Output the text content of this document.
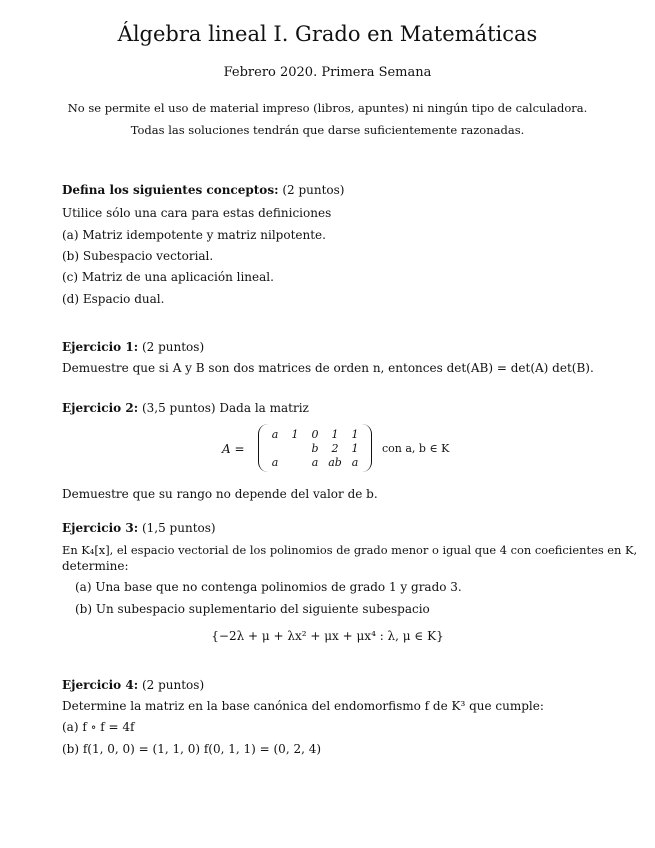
Álgebra lineal I. Grado en Matemáticas
Febrero 2020. Primera Semana
No se permite el uso de material impreso (libros, apuntes) ni ningún tipo de calculadora.
Todas las soluciones tendrán que darse suficientemente razonadas.
Defina los siguientes conceptos: (2 puntos)
Utilice sólo una cara para estas definiciones
(a) Matriz idempotente y matriz nilpotente.
(b) Subespacio vectorial.
(c) Matriz de una aplicación lineal.
(d) Espacio dual.
Ejercicio 1: (2 puntos)
Demuestre que si A y B son dos matrices de orden n, entonces det(AB) = det(A) det(B).
Ejercicio 2: (3,5 puntos) Dada la matriz
A =
a	1	0	1	1
		b	2	1
a		a	ab	a
con a, b ∈ K
Demuestre que su rango no depende del valor de b.
Ejercicio 3: (1,5 puntos)
En K₄[x], el espacio vectorial de los polinomios de grado menor o igual que 4 con coeficientes en K,
determine:
(a) Una base que no contenga polinomios de grado 1 y grado 3.
(b) Un subespacio suplementario del siguiente subespacio
{−2λ + μ + λx² + μx + μx⁴ : λ, μ ∈ K}
Ejercicio 4: (2 puntos)
Determine la matriz en la base canónica del endomorfismo f de K³ que cumple:
(a) f ∘ f = 4f
(b) f(1, 0, 0) = (1, 1, 0) f(0, 1, 1) = (0, 2, 4)
